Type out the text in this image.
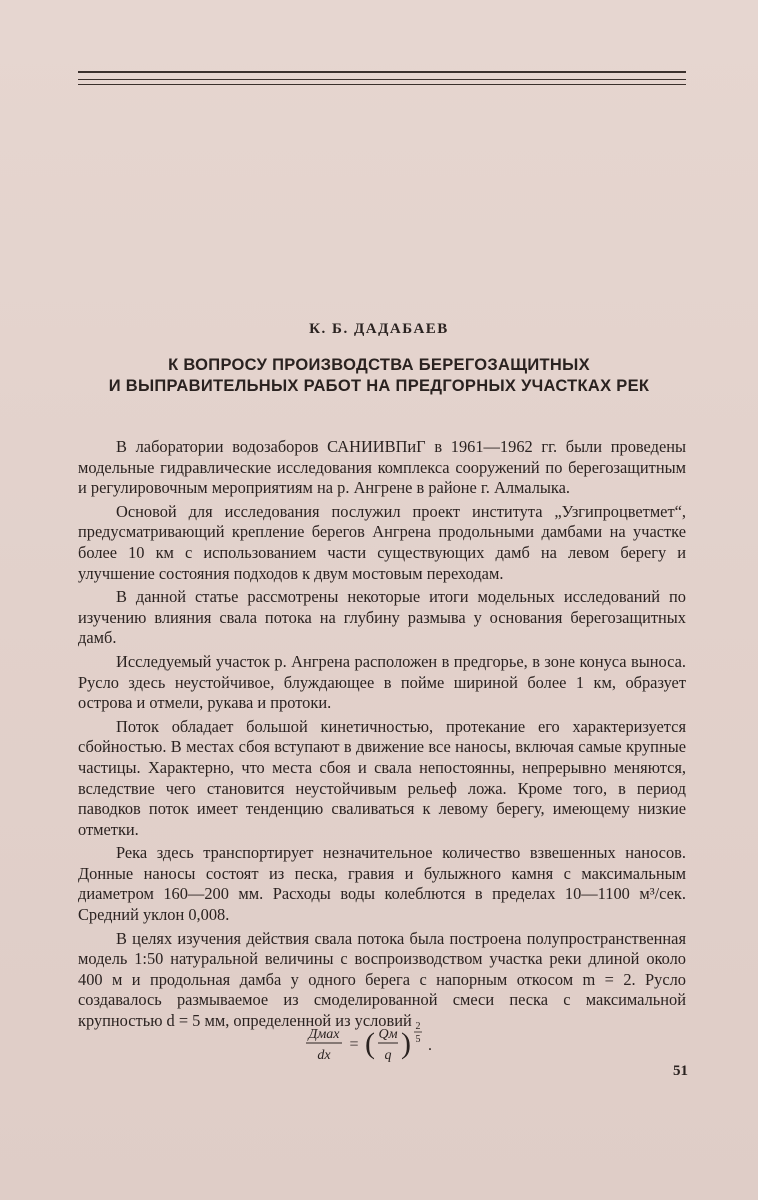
К. Б. ДАДАБАЕВ
К ВОПРОСУ ПРОИЗВОДСТВА БЕРЕГОЗАЩИТНЫХ
И ВЫПРАВИТЕЛЬНЫХ РАБОТ НА ПРЕДГОРНЫХ УЧАСТКАХ РЕК

В лаборатории водозаборов САНИИВПиГ в 1961—1962 гг. были проведены модельные гидравлические исследования комплекса сооружений по берегозащитным и регулировочным мероприятиям на р. Ангрене в районе г. Алмалыка.

Основой для исследования послужил проект института „Узгипроцветмет“, предусматривающий крепление берегов Ангрена продольными дамбами на участке более 10 км с использованием части существующих дамб на левом берегу и улучшение состояния подходов к двум мостовым переходам.

В данной статье рассмотрены некоторые итоги модельных исследований по изучению влияния свала потока на глубину размыва у основания берегозащитных дамб.

Исследуемый участок р. Ангрена расположен в предгорье, в зоне конуса выноса. Русло здесь неустойчивое, блуждающее в пойме шириной более 1 км, образует острова и отмели, рукава и протоки.

Поток обладает большой кинетичностью, протекание его характеризуется сбойностью. В местах сбоя вступают в движение все наносы, включая самые крупные частицы. Характерно, что места сбоя и свала непостоянны, непрерывно меняются, вследствие чего становится неустойчивым рельеф ложа. Кроме того, в период паводков поток имеет тенденцию сваливаться к левому берегу, имеющему низкие отметки.

Река здесь транспортирует незначительное количество взвешенных наносов. Донные наносы состоят из песка, гравия и булыжного камня с максимальным диаметром 160—200 мм. Расходы воды колеблются в пределах 10—1100 м³/сек. Средний уклон 0,008.

В целях изучения действия свала потока была построена полупространственная модель 1:50 натуральной величины с воспроизводством участка реки длиной около 400 м и продольная дамба у одного берега с напорным откосом m = 2. Русло создавалось размываемое из смоделированной смеси песка с максимальной крупностью d = 5 мм, определенной из условий

Дмах
dх
= ( Qм
q )
2
5 .
51
